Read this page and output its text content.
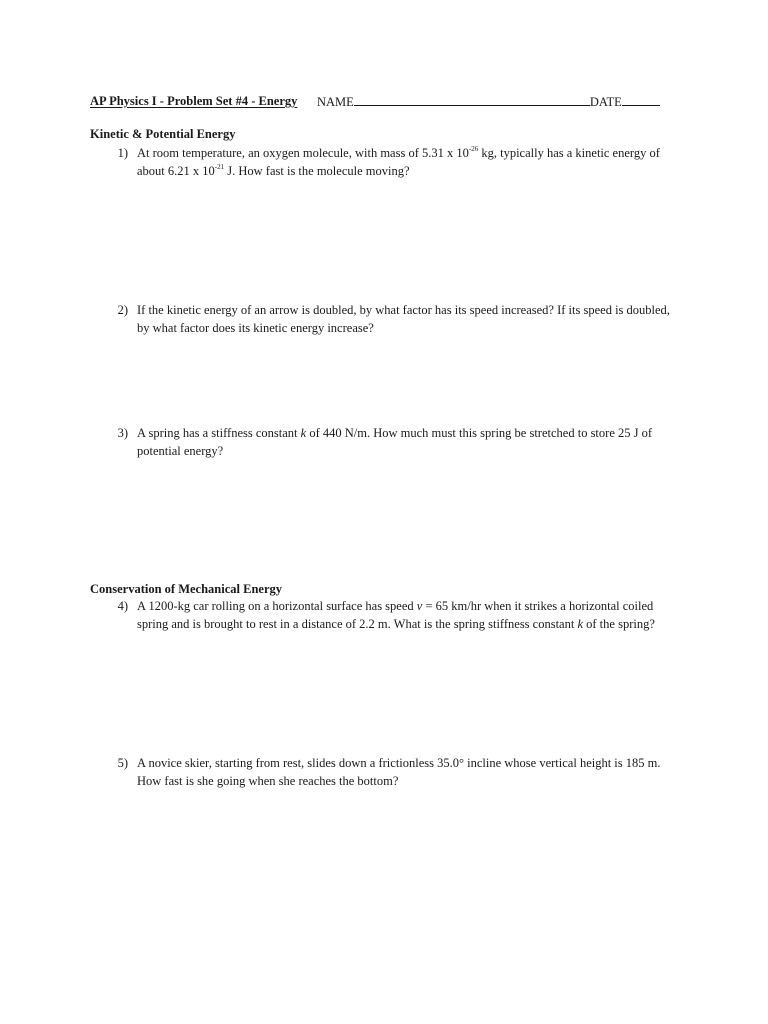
AP Physics I - Problem Set #4 - Energy NAME	DATE
Kinetic & Potential Energy
1) At room temperature, an oxygen molecule, with mass of 5.31 x $10^{-26}$ kg, typically has a kinetic energy of
about 6.21 x $10^{-21}$ J. How fast is the molecule moving?
2) If the kinetic energy of an arrow is doubled, by what factor has its speed increased? If its speed is doubled,
by what factor does its kinetic energy increase?
3) A spring has a stiffness constant k of 440 N/m. How much must this spring be stretched to store 25 J of
potential energy?
Conservation of Mechanical Energy
4) A 1200-kg car rolling on a horizontal surface has speed v = 65 km/hr when it strikes a horizontal coiled
spring and is brought to rest in a distance of 2.2 m. What is the spring stiffness constant k of the spring?
5) A novice skier, starting from rest, slides down a frictionless 35.0° incline whose vertical height is 185 m.
How fast is she going when she reaches the bottom?
